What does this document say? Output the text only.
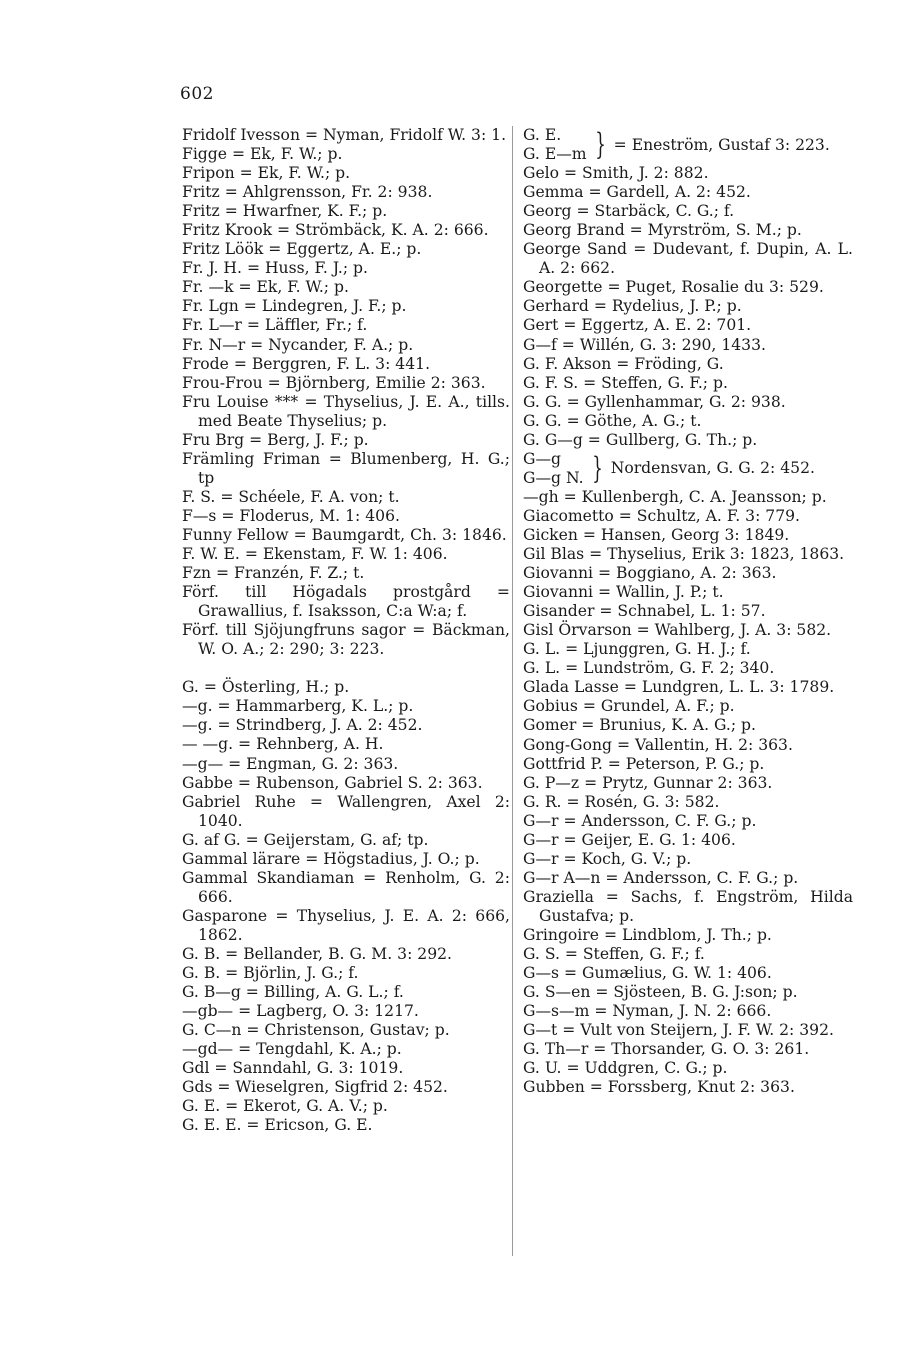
602
Fridolf Ivesson = Nyman, Fridolf W. 3: 1.
Figge = Ek, F. W.; p.
Fripon = Ek, F. W.; p.
Fritz = Ahlgrensson, Fr. 2: 938.
Fritz = Hwarfner, K. F.; p.
Fritz Krook = Strömbäck, K. A. 2: 666.
Fritz Löök = Eggertz, A. E.; p.
Fr. J. H. = Huss, F. J.; p.
Fr. —k = Ek, F. W.; p.
Fr. Lgn = Lindegren, J. F.; p.
Fr. L—r = Läffler, Fr.; f.
Fr. N—r = Nycander, F. A.; p.
Frode = Berggren, F. L. 3: 441.
Frou-Frou = Björnberg, Emilie 2: 363.
Fru Louise *** = Thyselius, J. E. A., tills. med Beate Thyselius; p.
Fru Brg = Berg, J. F.; p.
Främling Friman = Blumenberg, H. G.; tp
F. S. = Schéele, F. A. von; t.
F—s = Floderus, M. 1: 406.
Funny Fellow = Baumgardt, Ch. 3: 1846.
F. W. E. = Ekenstam, F. W. 1: 406.
Fzn = Franzén, F. Z.; t.
Förf. till Högadals prostgård = Grawallius, f. Isaksson, C:a W:a; f.
Förf. till Sjöjungfruns sagor = Bäckman, W. O. A.; 2: 290; 3: 223.
G. = Österling, H.; p.
—g. = Hammarberg, K. L.; p.
—g. = Strindberg, J. A. 2: 452.
— —g. = Rehnberg, A. H.
—g— = Engman, G. 2: 363.
Gabbe = Rubenson, Gabriel S. 2: 363.
Gabriel Ruhe = Wallengren, Axel 2: 1040.
G. af G. = Geijerstam, G. af; tp.
Gammal lärare = Högstadius, J. O.; p.
Gammal Skandiaman = Renholm, G. 2: 666.
Gasparone = Thyselius, J. E. A. 2: 666, 1862.
G. B. = Bellander, B. G. M. 3: 292.
G. B. = Björlin, J. G.; f.
G. B—g = Billing, A. G. L.; f.
—gb— = Lagberg, O. 3: 1217.
G. C—n = Christenson, Gustav; p.
—gd— = Tengdahl, K. A.; p.
Gdl = Sanndahl, G. 3: 1019.
Gds = Wieselgren, Sigfrid 2: 452.
G. E. = Ekerot, G. A. V.; p.
G. E. E. = Ericson, G. E.
G. E.
G. E—m } = Eneström, Gustaf 3: 223.
Gelo = Smith, J. 2: 882.
Gemma = Gardell, A. 2: 452.
Georg = Starbäck, C. G.; f.
Georg Brand = Myrström, S. M.; p.
George Sand = Dudevant, f. Dupin, A. L. A. 2: 662.
Georgette = Puget, Rosalie du 3: 529.
Gerhard = Rydelius, J. P.; p.
Gert = Eggertz, A. E. 2: 701.
G—f = Willén, G. 3: 290, 1433.
G. F. Akson = Fröding, G.
G. F. S. = Steffen, G. F.; p.
G. G. = Gyllenhammar, G. 2: 938.
G. G. = Göthe, A. G.; t.
G. G—g = Gullberg, G. Th.; p.
G—g
G—g N. } Nordensvan, G. G. 2: 452.
—gh = Kullenbergh, C. A. Jeansson; p.
Giacometto = Schultz, A. F. 3: 779.
Gicken = Hansen, Georg 3: 1849.
Gil Blas = Thyselius, Erik 3: 1823, 1863.
Giovanni = Boggiano, A. 2: 363.
Giovanni = Wallin, J. P.; t.
Gisander = Schnabel, L. 1: 57.
Gisl Örvarson = Wahlberg, J. A. 3: 582.
G. L. = Ljunggren, G. H. J.; f.
G. L. = Lundström, G. F. 2; 340.
Glada Lasse = Lundgren, L. L. 3: 1789.
Gobius = Grundel, A. F.; p.
Gomer = Brunius, K. A. G.; p.
Gong-Gong = Vallentin, H. 2: 363.
Gottfrid P. = Peterson, P. G.; p.
G. P—z = Prytz, Gunnar 2: 363.
G. R. = Rosén, G. 3: 582.
G—r = Andersson, C. F. G.; p.
G—r = Geijer, E. G. 1: 406.
G—r = Koch, G. V.; p.
G—r A—n = Andersson, C. F. G.; p.
Graziella = Sachs, f. Engström, Hilda Gustafva; p.
Gringoire = Lindblom, J. Th.; p.
G. S. = Steffen, G. F.; f.
G—s = Gumælius, G. W. 1: 406.
G. S—en = Sjösteen, B. G. J:son; p.
G—s—m = Nyman, J. N. 2: 666.
G—t = Vult von Steijern, J. F. W. 2: 392.
G. Th—r = Thorsander, G. O. 3: 261.
G. U. = Uddgren, C. G.; p.
Gubben = Forssberg, Knut 2: 363.
